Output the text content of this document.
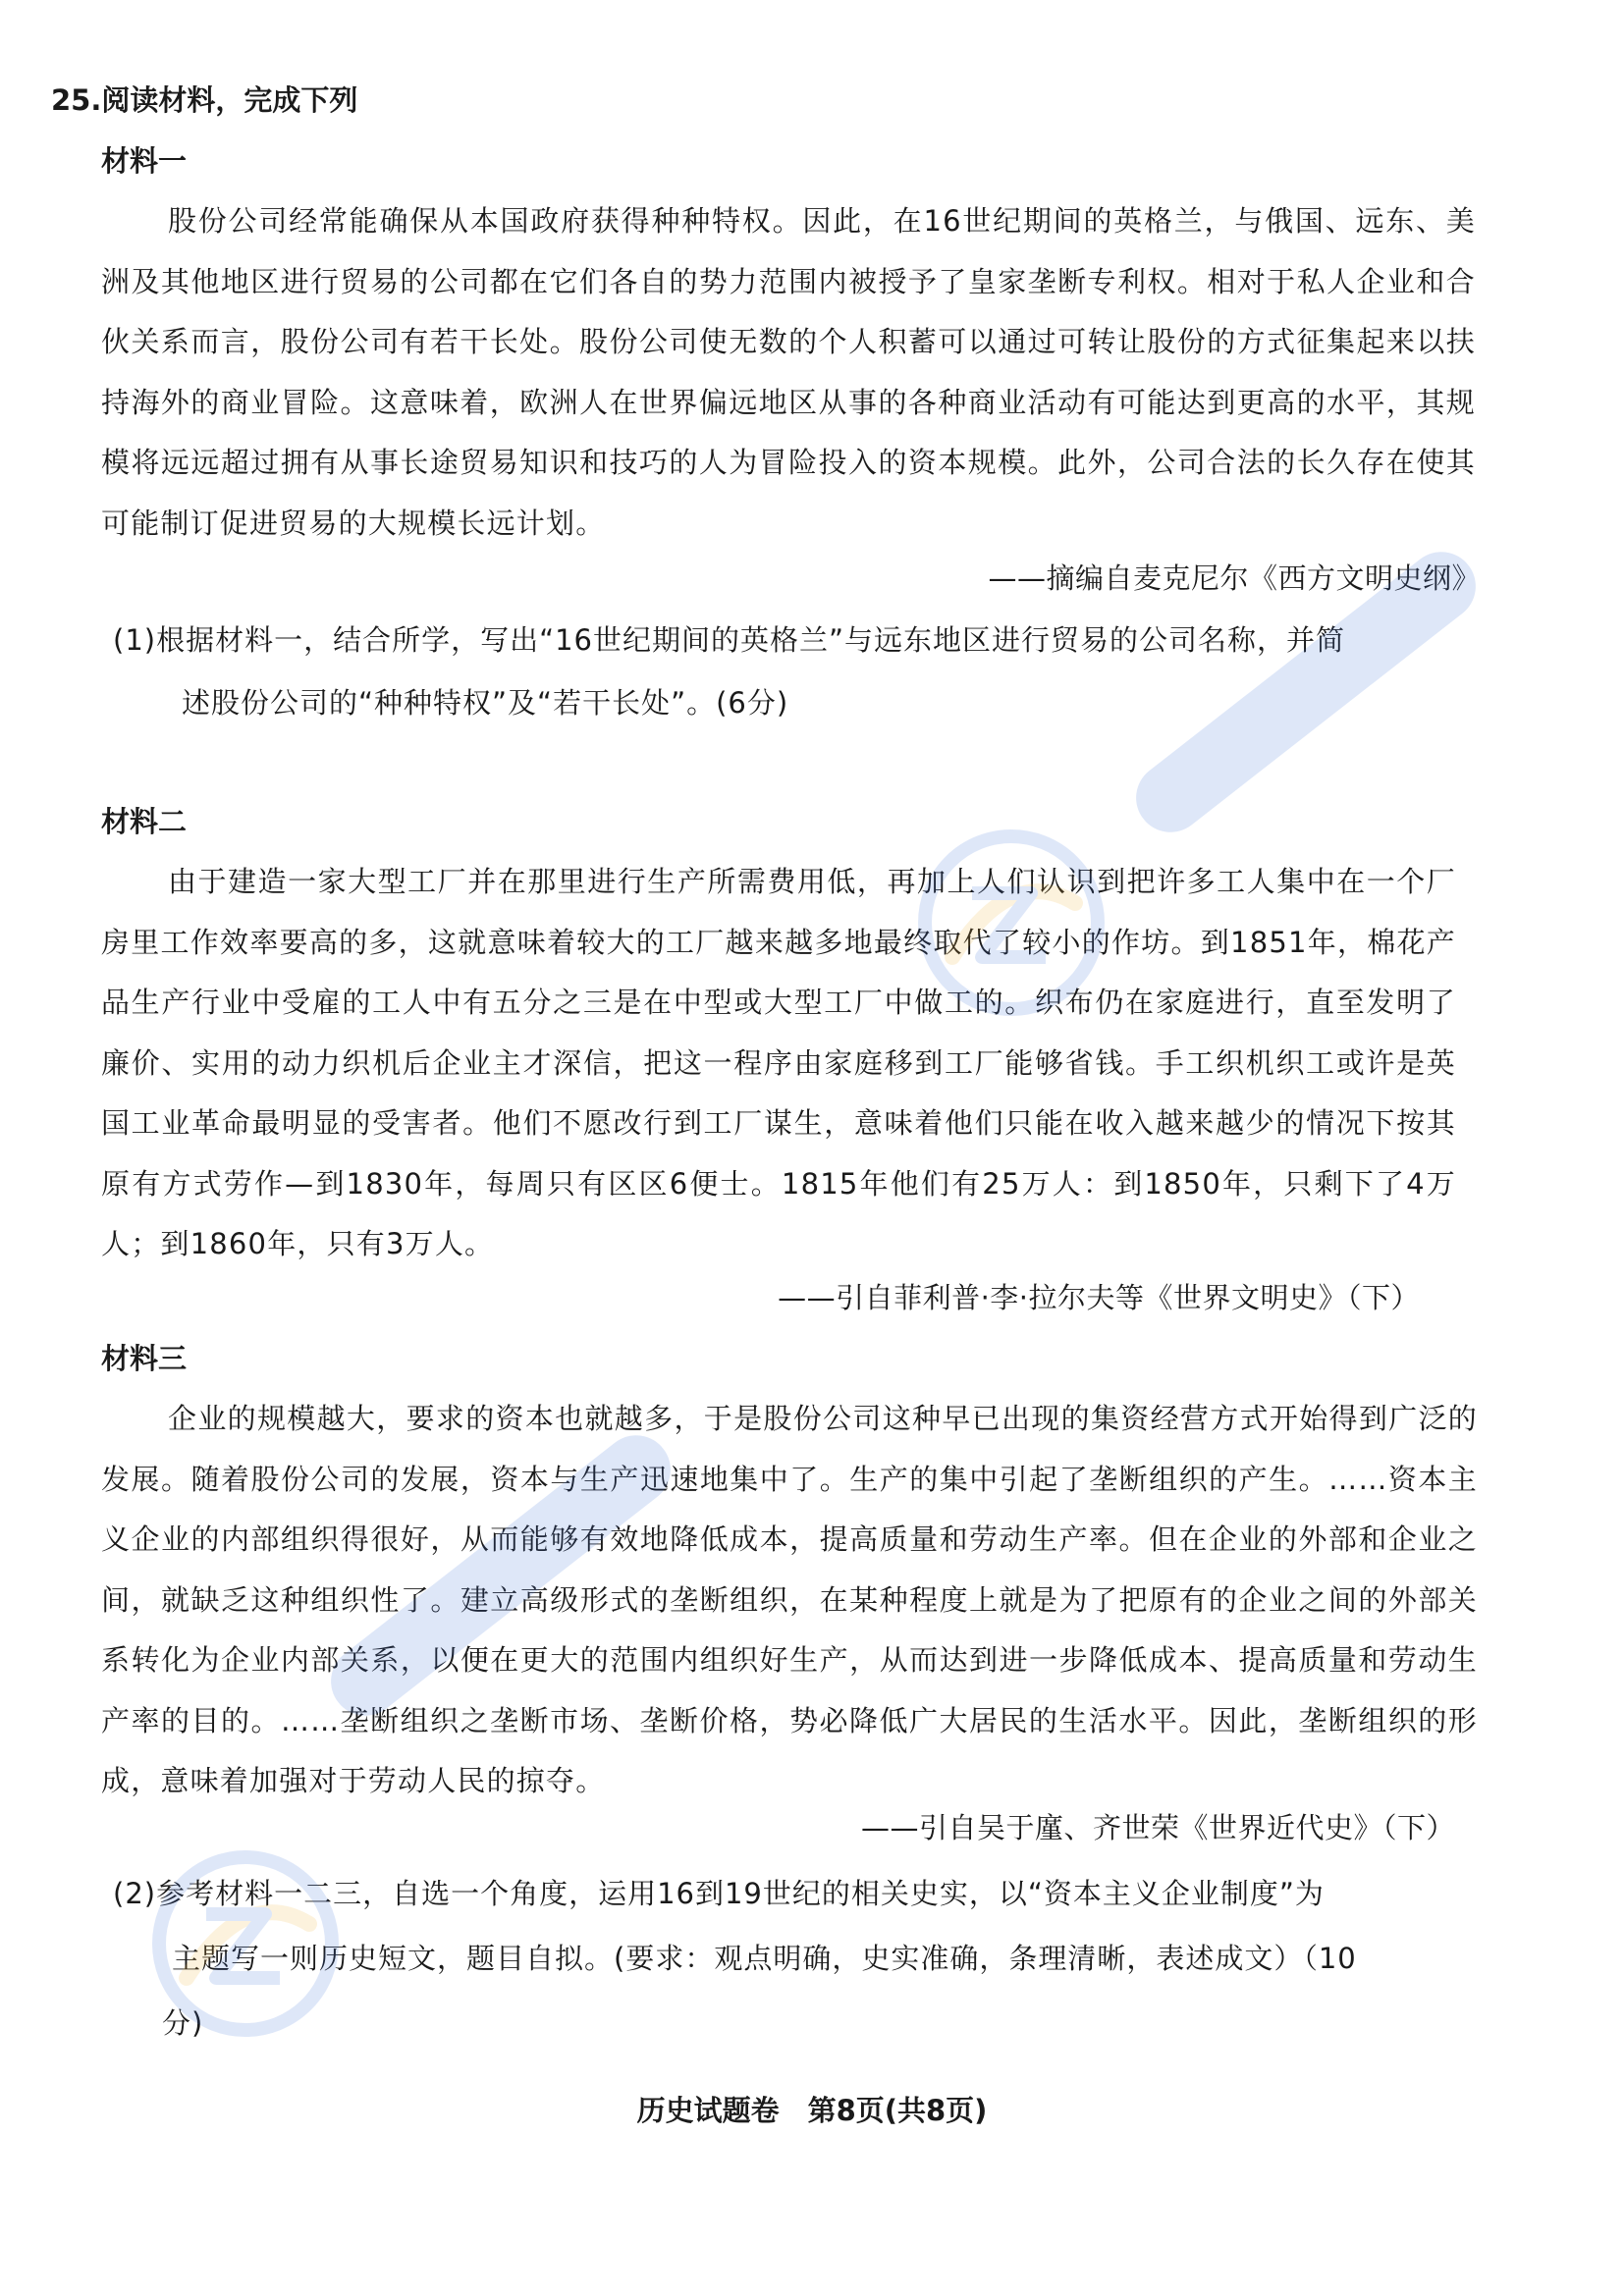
25.阅读材料，完成下列
材料一

股份公司经常能确保从本国政府获得种种特权。因此，在16世纪期间的英格兰，与俄国、远东、美洲及其他地区进行贸易的公司都在它们各自的势力范围内被授予了皇家垄断专利权。相对于私人企业和合伙关系而言，股份公司有若干长处。股份公司使无数的个人积蓄可以通过可转让股份的方式征集起来以扶持海外的商业冒险。这意味着，欧洲人在世界偏远地区从事的各种商业活动有可能达到更高的水平，其规模将远远超过拥有从事长途贸易知识和技巧的人为冒险投入的资本规模。此外，公司合法的长久存在使其可能制订促进贸易的大规模长远计划。

——摘编自麦克尼尔《西方文明史纲》
(1)根据材料一，结合所学，写出“16世纪期间的英格兰”与远东地区进行贸易的公司名称，并简
述股份公司的“种种特权”及“若干长处”。(6分)
材料二

由于建造一家大型工厂并在那里进行生产所需费用低，再加上人们认识到把许多工人集中在一个厂房里工作效率要高的多，这就意味着较大的工厂越来越多地最终取代了较小的作坊。到1851年，棉花产品生产行业中受雇的工人中有五分之三是在中型或大型工厂中做工的。织布仍在家庭进行，直至发明了廉价、实用的动力织机后企业主才深信，把这一程序由家庭移到工厂能够省钱。手工织机织工或许是英国工业革命最明显的受害者。他们不愿改行到工厂谋生，意味着他们只能在收入越来越少的情况下按其原有方式劳作—到1830年，每周只有区区6便士。1815年他们有25万人：到1850年，只剩下了4万人；到1860年，只有3万人。

——引自菲利普·李·拉尔夫等《世界文明史》（下）
材料三

企业的规模越大，要求的资本也就越多，于是股份公司这种早已出现的集资经营方式开始得到广泛的发展。随着股份公司的发展，资本与生产迅速地集中了。生产的集中引起了垄断组织的产生。……资本主义企业的内部组织得很好，从而能够有效地降低成本，提高质量和劳动生产率。但在企业的外部和企业之间，就缺乏这种组织性了。建立高级形式的垄断组织，在某种程度上就是为了把原有的企业之间的外部关系转化为企业内部关系，以便在更大的范围内组织好生产，从而达到进一步降低成本、提高质量和劳动生产率的目的。……垄断组织之垄断市场、垄断价格，势必降低广大居民的生活水平。因此，垄断组织的形成，意味着加强对于劳动人民的掠夺。

——引自吴于廑、齐世荣《世界近代史》（下）
(2)参考材料一二三，自选一个角度，运用16到19世纪的相关史实，以“资本主义企业制度”为
主题写一则历史短文，题目自拟。(要求：观点明确，史实准确，条理清晰，表述成文）（10
分)
历史试题卷　第8页(共8页)
